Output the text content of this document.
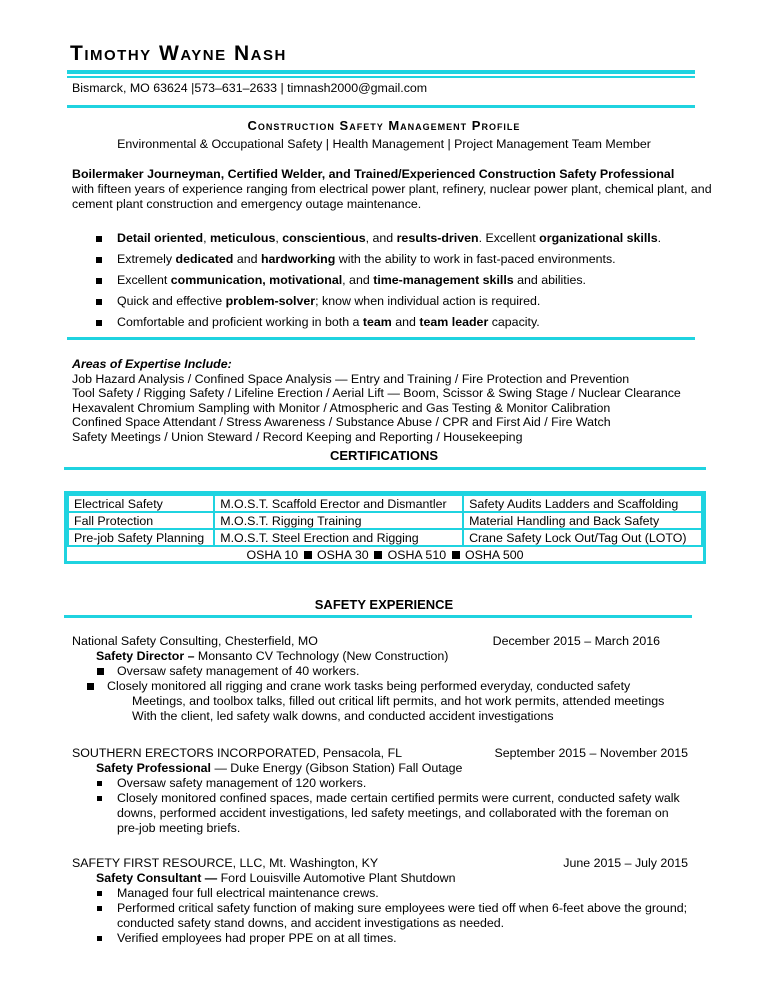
Timothy Wayne Nash
Bismarck, MO 63624 |573–631–2633 | timnash2000@gmail.com
Construction Safety Management Profile
Environmental & Occupational Safety | Health Management | Project Management Team Member
Boilermaker Journeyman, Certified Welder, and Trained/Experienced Construction Safety Professional
with fifteen years of experience ranging from electrical power plant, refinery, nuclear power plant, chemical plant, and cement plant construction and emergency outage maintenance.
Detail oriented, meticulous, conscientious, and results-driven. Excellent organizational skills.
Extremely dedicated and hardworking with the ability to work in fast-paced environments.
Excellent communication, motivational, and time-management skills and abilities.
Quick and effective problem-solver; know when individual action is required.
Comfortable and proficient working in both a team and team leader capacity.
Areas of Expertise Include:
Job Hazard Analysis / Confined Space Analysis — Entry and Training / Fire Protection and Prevention
Tool Safety / Rigging Safety / Lifeline Erection / Aerial Lift — Boom, Scissor & Swing Stage / Nuclear Clearance
Hexavalent Chromium Sampling with Monitor / Atmospheric and Gas Testing & Monitor Calibration
Confined Space Attendant / Stress Awareness / Substance Abuse / CPR and First Aid / Fire Watch
Safety Meetings / Union Steward / Record Keeping and Reporting / Housekeeping
CERTIFICATIONS
Electrical Safety	M.O.S.T. Scaffold Erector and Dismantler	Safety Audits Ladders and Scaffolding
Fall Protection	M.O.S.T. Rigging Training	Material Handling and Back Safety
Pre-job Safety Planning	M.O.S.T. Steel Erection and Rigging	Crane Safety Lock Out/Tag Out (LOTO)
OSHA 10 OSHA 30 OSHA 510 OSHA 500
SAFETY EXPERIENCE
National Safety Consulting, Chesterfield, MO	December 2015 – March 2016
Safety Director – Monsanto CV Technology (New Construction)
Oversaw safety management of 40 workers.
Closely monitored all rigging and crane work tasks being performed everyday, conducted safety
Meetings, and toolbox talks, filled out critical lift permits, and hot work permits, attended meetings
With the client, led safety walk downs, and conducted accident investigations
SOUTHERN ERECTORS INCORPORATED, Pensacola, FL	September 2015 – November 2015
Safety Professional — Duke Energy (Gibson Station) Fall Outage
Oversaw safety management of 120 workers.
Closely monitored confined spaces, made certain certified permits were current, conducted safety walk downs, performed accident investigations, led safety meetings, and collaborated with the foreman on pre-job meeting briefs.
SAFETY FIRST RESOURCE, LLC, Mt. Washington, KY	June 2015 – July 2015
Safety Consultant — Ford Louisville Automotive Plant Shutdown
Managed four full electrical maintenance crews.
Performed critical safety function of making sure employees were tied off when 6-feet above the ground; conducted safety stand downs, and accident investigations as needed.
Verified employees had proper PPE on at all times.
